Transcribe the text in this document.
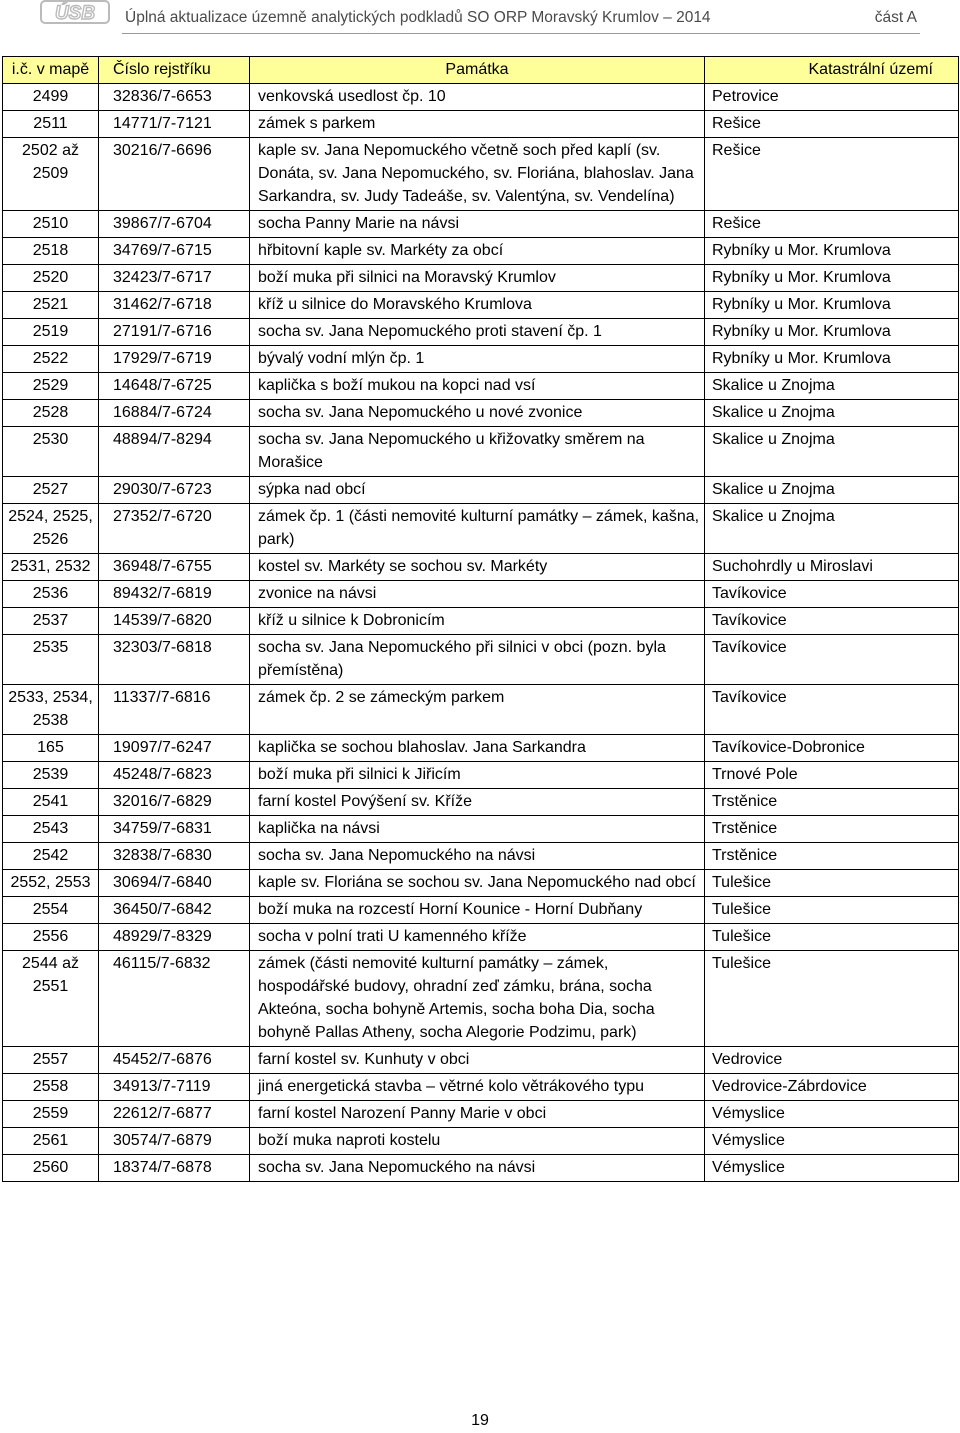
ÚSB Úplná aktualizace územně analytických podkladů SO ORP Moravský Krumlov – 2014	část A
i.č. v mapě	Číslo rejstříku	Památka	Katastrální území
2499	32836/7-6653	venkovská usedlost čp. 10	Petrovice
2511	14771/7-7121	zámek s parkem	Rešice
2502 až 2509	30216/7-6696	kaple sv. Jana Nepomuckého včetně soch před kaplí (sv. Donáta, sv. Jana Nepomuckého, sv. Floriána, blahoslav. Jana Sarkandra, sv. Judy Tadeáše, sv. Valentýna, sv. Vendelína)	Rešice
2510	39867/7-6704	socha Panny Marie na návsi	Rešice
2518	34769/7-6715	hřbitovní kaple sv. Markéty za obcí	Rybníky u Mor. Krumlova
2520	32423/7-6717	boží muka při silnici na Moravský Krumlov	Rybníky u Mor. Krumlova
2521	31462/7-6718	kříž u silnice do Moravského Krumlova	Rybníky u Mor. Krumlova
2519	27191/7-6716	socha sv. Jana Nepomuckého proti stavení čp. 1	Rybníky u Mor. Krumlova
2522	17929/7-6719	bývalý vodní mlýn čp. 1	Rybníky u Mor. Krumlova
2529	14648/7-6725	kaplička s boží mukou na kopci nad vsí	Skalice u Znojma
2528	16884/7-6724	socha sv. Jana Nepomuckého u nové zvonice	Skalice u Znojma
2530	48894/7-8294	socha sv. Jana Nepomuckého u křižovatky směrem na Morašice	Skalice u Znojma
2527	29030/7-6723	sýpka nad obcí	Skalice u Znojma
2524, 2525, 2526	27352/7-6720	zámek čp. 1 (části nemovité kulturní památky – zámek, kašna, park)	Skalice u Znojma
2531, 2532	36948/7-6755	kostel sv. Markéty se sochou sv. Markéty	Suchohrdly u Miroslavi
2536	89432/7-6819	zvonice na návsi	Tavíkovice
2537	14539/7-6820	kříž u silnice k Dobronicím	Tavíkovice
2535	32303/7-6818	socha sv. Jana Nepomuckého při silnici v obci (pozn. byla přemístěna)	Tavíkovice
2533, 2534, 2538	11337/7-6816	zámek čp. 2 se zámeckým parkem	Tavíkovice
165	19097/7-6247	kaplička se sochou blahoslav. Jana Sarkandra	Tavíkovice-Dobronice
2539	45248/7-6823	boží muka při silnici k Jiřicím	Trnové Pole
2541	32016/7-6829	farní kostel Povýšení sv. Kříže	Trstěnice
2543	34759/7-6831	kaplička na návsi	Trstěnice
2542	32838/7-6830	socha sv. Jana Nepomuckého na návsi	Trstěnice
2552, 2553	30694/7-6840	kaple sv. Floriána se sochou sv. Jana Nepomuckého nad obcí	Tulešice
2554	36450/7-6842	boží muka na rozcestí Horní Kounice - Horní Dubňany	Tulešice
2556	48929/7-8329	socha v polní trati U kamenného kříže	Tulešice
2544 až 2551	46115/7-6832	zámek (části nemovité kulturní památky – zámek, hospodářské budovy, ohradní zeď zámku, brána, socha Akteóna, socha bohyně Artemis, socha boha Dia, socha bohyně Pallas Atheny, socha Alegorie Podzimu, park)	Tulešice
2557	45452/7-6876	farní kostel sv. Kunhuty v obci	Vedrovice
2558	34913/7-7119	jiná energetická stavba – větrné kolo větrákového typu	Vedrovice-Zábrdovice
2559	22612/7-6877	farní kostel Narození Panny Marie v obci	Vémyslice
2561	30574/7-6879	boží muka naproti kostelu	Vémyslice
2560	18374/7-6878	socha sv. Jana Nepomuckého na návsi	Vémyslice
19
